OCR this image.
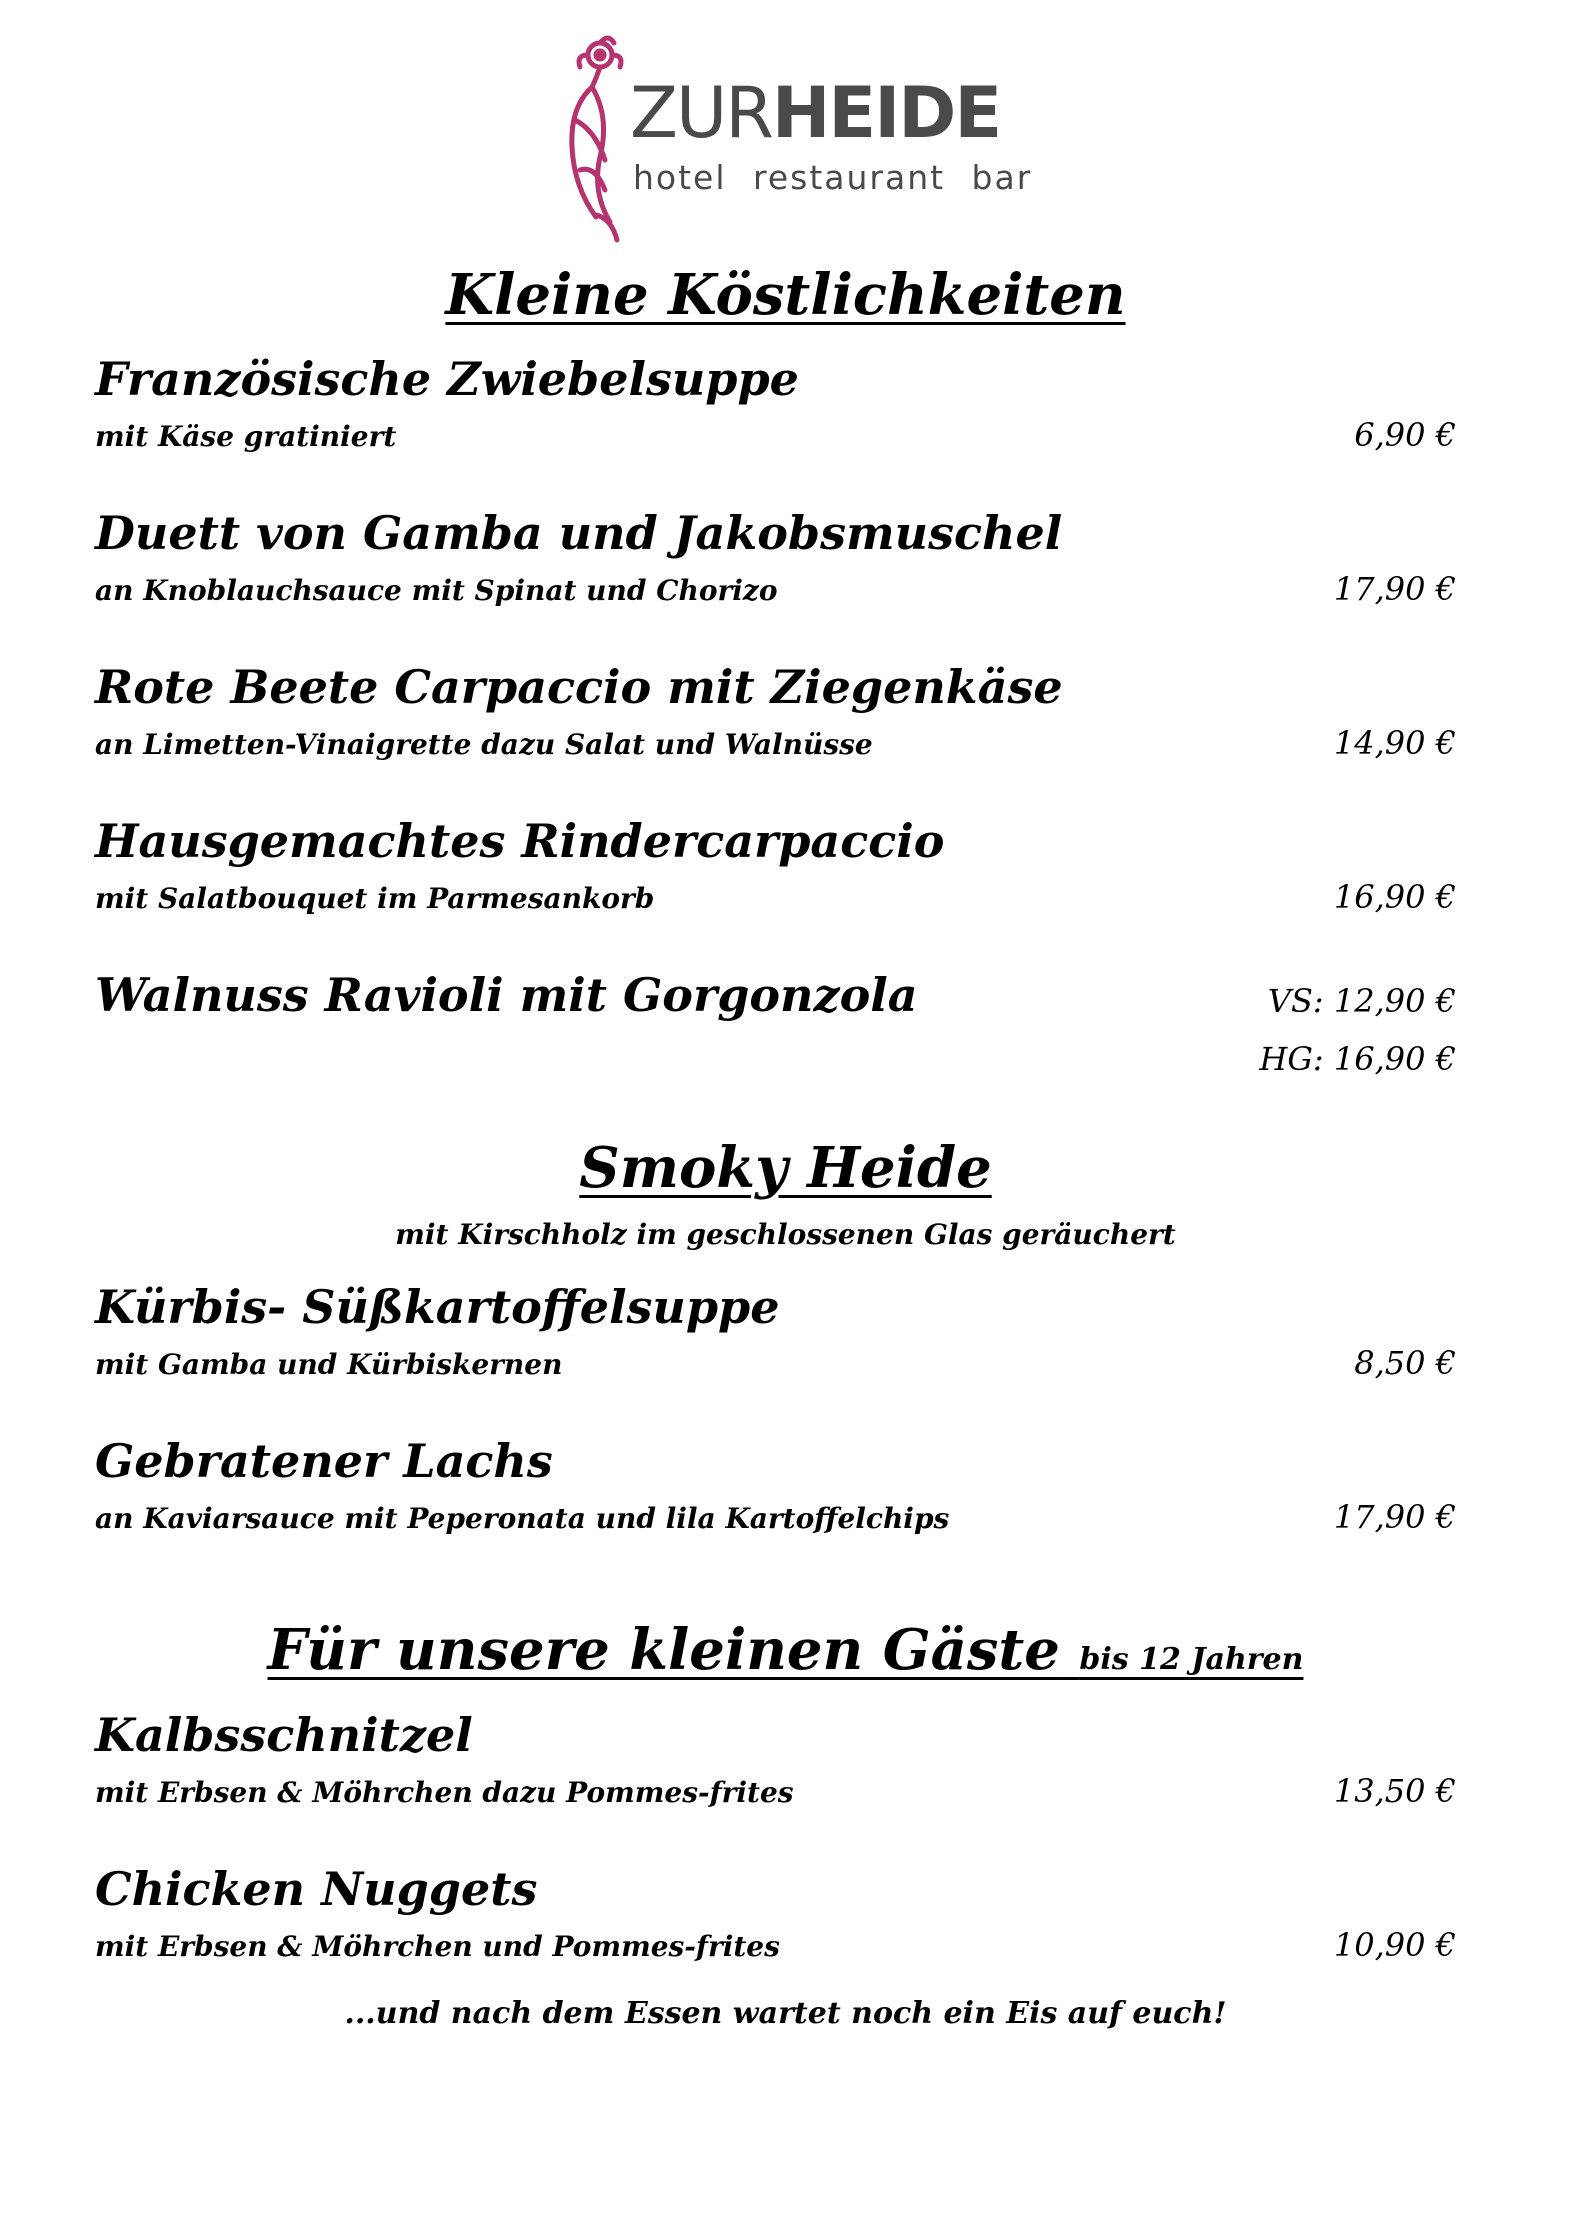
ZURHEIDE
hotel restaurant bar
Kleine Köstlichkeiten
Französische Zwiebelsuppe
mit Käse gratiniert	6,90 €
Duett von Gamba und Jakobsmuschel
an Knoblauchsauce mit Spinat und Chorizo	17,90 €
Rote Beete Carpaccio mit Ziegenkäse
an Limetten-Vinaigrette dazu Salat und Walnüsse	14,90 €
Hausgemachtes Rindercarpaccio
mit Salatbouquet im Parmesankorb	16,90 €
Walnuss Ravioli mit Gorgonzola	VS: 12,90 €
HG: 16,90 €
Smoky Heide
mit Kirschholz im geschlossenen Glas geräuchert
Kürbis- Süßkartoffelsuppe
mit Gamba und Kürbiskernen	8,50 €
Gebratener Lachs
an Kaviarsauce mit Peperonata und lila Kartoffelchips	17,90 €
Für unsere kleinen Gäste bis 12 Jahren
Kalbsschnitzel
mit Erbsen & Möhrchen dazu Pommes-frites	13,50 €
Chicken Nuggets
mit Erbsen & Möhrchen und Pommes-frites	10,90 €
...und nach dem Essen wartet noch ein Eis auf euch!
